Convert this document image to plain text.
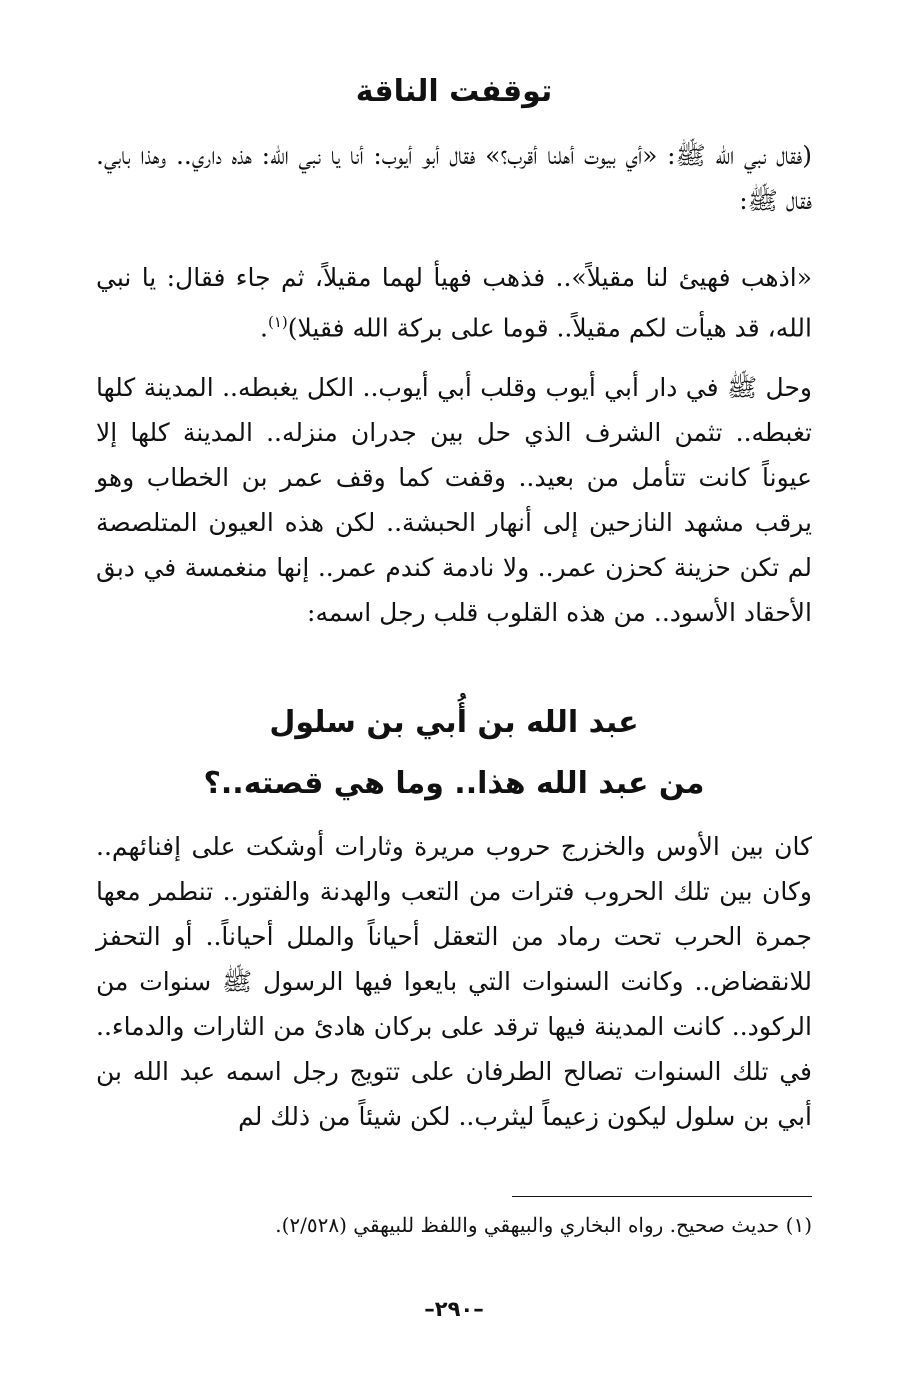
توقفت الناقة

(فقال نبي الله ﷺ: «أي بيوت أهلنا أقرب؟» فقال أبو أيوب: أنا يا نبي الله: هذه داري.. وهذا بابي. فقال ﷺ:

«اذهب فهيئ لنا مقيلاً».. فذهب فهيأ لهما مقيلاً، ثم جاء فقال: يا نبي الله، قد هيأت لكم مقيلاً.. قوما على بركة الله فقيلا)$^{(١)}$.

وحل ﷺ في دار أبي أيوب وقلب أبي أيوب.. الكل يغبطه.. المدينة كلها تغبطه.. تثمن الشرف الذي حل بين جدران منزله.. المدينة كلها إلا عيوناً كانت تتأمل من بعيد.. وقفت كما وقف عمر بن الخطاب وهو يرقب مشهد النازحين إلى أنهار الحبشة.. لكن هذه العيون المتلصصة لم تكن حزينة كحزن عمر.. ولا نادمة كندم عمر.. إنها منغمسة في دبق الأحقاد الأسود.. من هذه القلوب قلب رجل اسمه:

عبد الله بن أُبي بن سلول
من عبد الله هذا.. وما هي قصته..؟

كان بين الأوس والخزرج حروب مريرة وثارات أوشكت على إفنائهم.. وكان بين تلك الحروب فترات من التعب والهدنة والفتور.. تنطمر معها جمرة الحرب تحت رماد من التعقل أحياناً والملل أحياناً.. أو التحفز للانقضاض.. وكانت السنوات التي بايعوا فيها الرسول ﷺ سنوات من الركود.. كانت المدينة فيها ترقد على بركان هادئ من الثارات والدماء.. في تلك السنوات تصالح الطرفان على تتويج رجل اسمه عبد الله بن أبي بن سلول ليكون زعيماً ليثرب.. لكن شيئاً من ذلك لم

(١) حديث صحيح. رواه البخاري والبيهقي واللفظ للبيهقي (٢/٥٢٨).

–٢٩٠–
